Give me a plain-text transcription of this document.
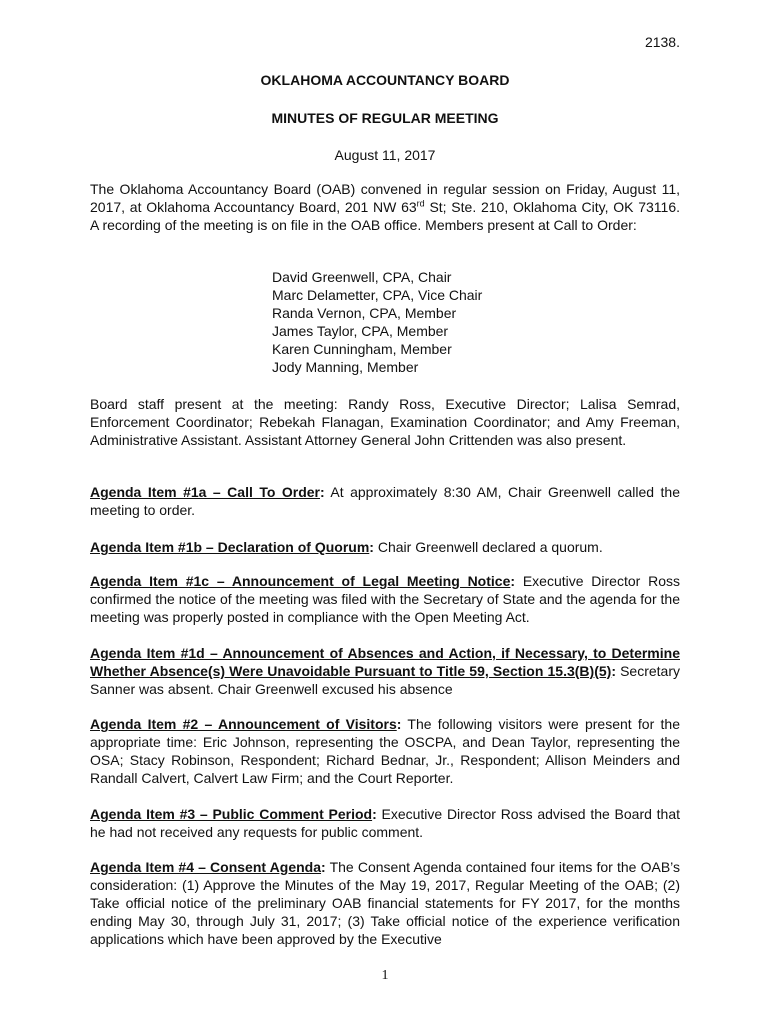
2138.
OKLAHOMA ACCOUNTANCY BOARD
MINUTES OF REGULAR MEETING
August 11, 2017

The Oklahoma Accountancy Board (OAB) convened in regular session on Friday, August 11, 2017, at Oklahoma Accountancy Board, 201 NW 63rd St; Ste. 210, Oklahoma City, OK 73116. A recording of the meeting is on file in the OAB office. Members present at Call to Order:

David Greenwell, CPA, Chair
Marc Delametter, CPA, Vice Chair
Randa Vernon, CPA, Member
James Taylor, CPA, Member
Karen Cunningham, Member
Jody Manning, Member

Board staff present at the meeting: Randy Ross, Executive Director; Lalisa Semrad, Enforcement Coordinator; Rebekah Flanagan, Examination Coordinator; and Amy Freeman, Administrative Assistant. Assistant Attorney General John Crittenden was also present.

Agenda Item #1a – Call To Order: At approximately 8:30 AM, Chair Greenwell called the meeting to order.

Agenda Item #1b – Declaration of Quorum: Chair Greenwell declared a quorum.

Agenda Item #1c – Announcement of Legal Meeting Notice: Executive Director Ross confirmed the notice of the meeting was filed with the Secretary of State and the agenda for the meeting was properly posted in compliance with the Open Meeting Act.

Agenda Item #1d – Announcement of Absences and Action, if Necessary, to Determine Whether Absence(s) Were Unavoidable Pursuant to Title 59, Section 15.3(B)(5): Secretary Sanner was absent. Chair Greenwell excused his absence

Agenda Item #2 – Announcement of Visitors: The following visitors were present for the appropriate time: Eric Johnson, representing the OSCPA, and Dean Taylor, representing the OSA; Stacy Robinson, Respondent; Richard Bednar, Jr., Respondent; Allison Meinders and Randall Calvert, Calvert Law Firm; and the Court Reporter.

Agenda Item #3 – Public Comment Period: Executive Director Ross advised the Board that he had not received any requests for public comment.

Agenda Item #4 – Consent Agenda: The Consent Agenda contained four items for the OAB’s consideration: (1) Approve the Minutes of the May 19, 2017, Regular Meeting of the OAB; (2) Take official notice of the preliminary OAB financial statements for FY 2017, for the months ending May 30, through July 31, 2017; (3) Take official notice of the experience verification applications which have been approved by the Executive

1
